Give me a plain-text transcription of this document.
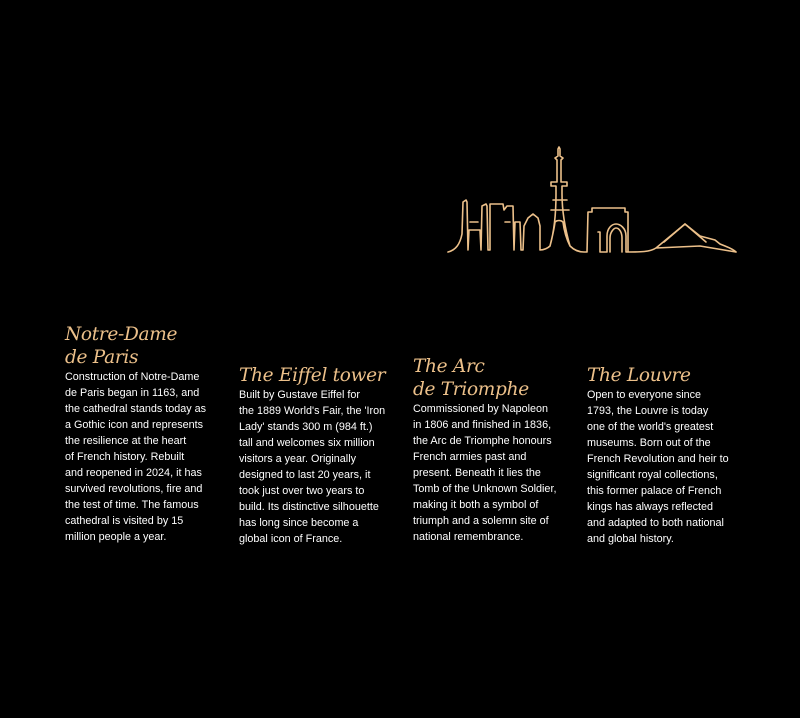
Notre-Dame
de Paris

Construction of Notre-Dame
de Paris began in 1163, and
the cathedral stands today as
a Gothic icon and represents
the resilience at the heart
of French history. Rebuilt
and reopened in 2024, it has
survived revolutions, fire and
the test of time. The famous
cathedral is visited by 15
million people a year.

The Eiffel tower

Built by Gustave Eiffel for
the 1889 World's Fair, the 'Iron
Lady' stands 300 m (984 ft.)
tall and welcomes six million
visitors a year. Originally
designed to last 20 years, it
took just over two years to
build. Its distinctive silhouette
has long since become a
global icon of France.

The Arc
de Triomphe

Commissioned by Napoleon
in 1806 and finished in 1836,
the Arc de Triomphe honours
French armies past and
present. Beneath it lies the
Tomb of the Unknown Soldier,
making it both a symbol of
triumph and a solemn site of
national remembrance.

The Louvre

Open to everyone since
1793, the Louvre is today
one of the world's greatest
museums. Born out of the
French Revolution and heir to
significant royal collections,
this former palace of French
kings has always reflected
and adapted to both national
and global history.
